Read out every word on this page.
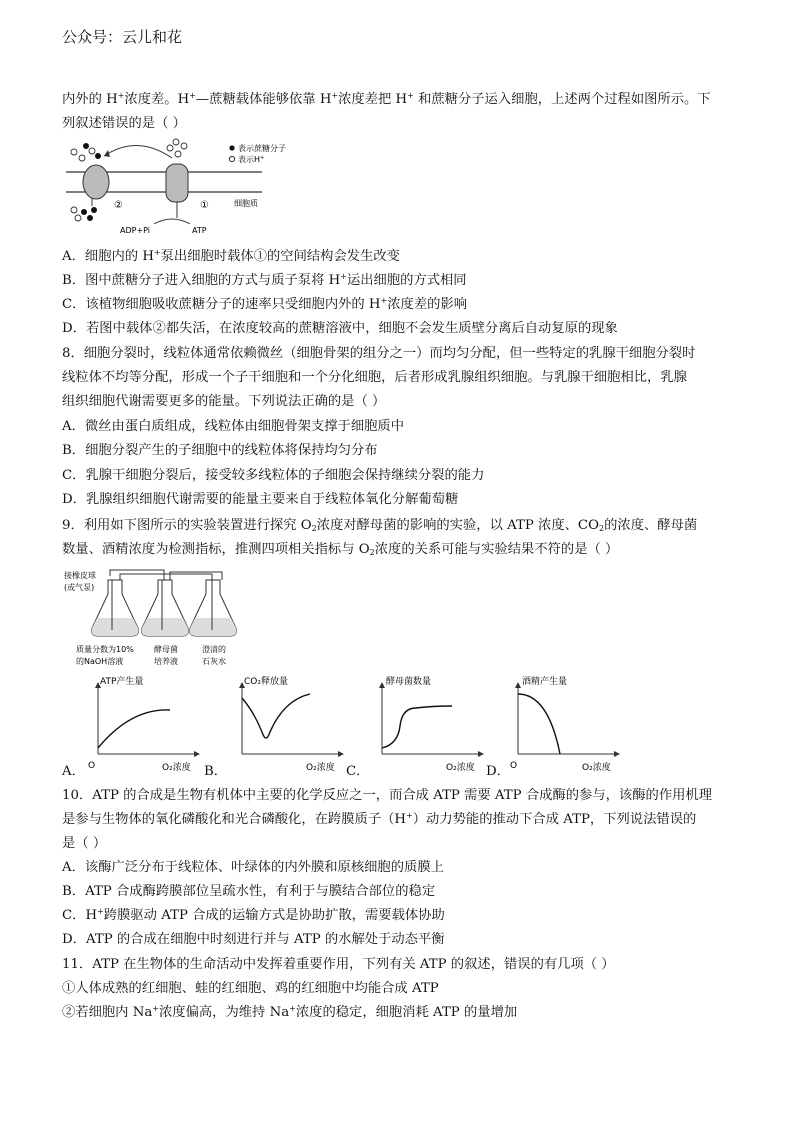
公众号：云儿和花
内外的 H+浓度差。H+—蔗糖载体能够依靠 H+浓度差把 H+ 和蔗糖分子运入细胞，上述两个过程如图所示。下
列叙述错误的是（ ）
ADP+Pi	ATP
②	①	细胞质
表示蔗糖分子
表示H+
A．细胞内的 H+泵出细胞时载体①的空间结构会发生改变
B．图中蔗糖分子进入细胞的方式与质子泵将 H+运出细胞的方式相同
C．该植物细胞吸收蔗糖分子的速率只受细胞内外的 H+浓度差的影响
D．若图中载体②都失活，在浓度较高的蔗糖溶液中，细胞不会发生质壁分离后自动复原的现象
8．细胞分裂时，线粒体通常依赖微丝（细胞骨架的组分之一）而均匀分配，但一些特定的乳腺干细胞分裂时
线粒体不均等分配，形成一个子干细胞和一个分化细胞，后者形成乳腺组织细胞。与乳腺干细胞相比，乳腺
组织细胞代谢需要更多的能量。下列说法正确的是（ ）
A．微丝由蛋白质组成，线粒体由细胞骨架支撑于细胞质中
B．细胞分裂产生的子细胞中的线粒体将保持均匀分布
C．乳腺干细胞分裂后，接受较多线粒体的子细胞会保持继续分裂的能力
D．乳腺组织细胞代谢需要的能量主要来自于线粒体氧化分解葡萄糖
9．利用如下图所示的实验装置进行探究 $O_2$浓度对酵母菌的影响的实验，以 ATP 浓度、$CO_2$的浓度、酵母菌
数量、酒精浓度为检测指标，推测四项相关指标与 $O_2$浓度的关系可能与实验结果不符的是（ ）
接橡皮球
(或气泵)
质量分数为10%
的NaOH溶液
酵母菌
培养液
澄清的
石灰水
ATP产生量
O	O₂浓度
CO₂释放量
O₂浓度
酵母菌数量
O₂浓度
酒精产生量
O	O₂浓度
A．	B．	C．	D．
10．ATP 的合成是生物有机体中主要的化学反应之一，而合成 ATP 需要 ATP 合成酶的参与，该酶的作用机理
是参与生物体的氧化磷酸化和光合磷酸化，在跨膜质子（H+）动力势能的推动下合成 ATP，下列说法错误的
是（ ）
A．该酶广泛分布于线粒体、叶绿体的内外膜和原核细胞的质膜上
B．ATP 合成酶跨膜部位呈疏水性，有利于与膜结合部位的稳定
C．H+跨膜驱动 ATP 合成的运输方式是协助扩散，需要载体协助
D．ATP 的合成在细胞中时刻进行并与 ATP 的水解处于动态平衡
11．ATP 在生物体的生命活动中发挥着重要作用，下列有关 ATP 的叙述，错误的有几项（ ）
①人体成熟的红细胞、蛙的红细胞、鸡的红细胞中均能合成 ATP
②若细胞内 Na+浓度偏高，为维持 Na+浓度的稳定，细胞消耗 ATP 的量增加
